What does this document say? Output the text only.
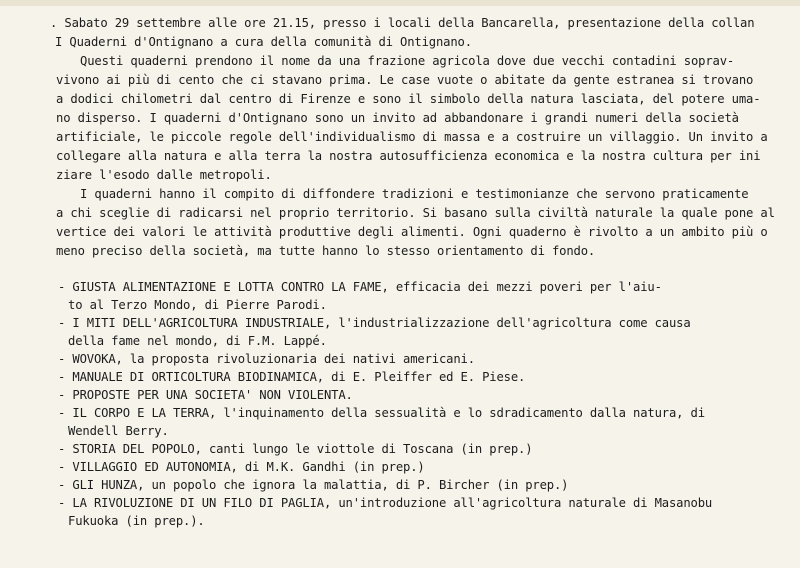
. Sabato 29 settembre alle ore 21.15, presso i locali della Bancarella, presentazione della collan
I Quaderni d'Ontignano a cura della comunità di Ontignano.
Questi quaderni prendono il nome da una frazione agricola dove due vecchi contadini soprav-
vivono ai più di cento che ci stavano prima. Le case vuote o abitate da gente estranea si trovano
a dodici chilometri dal centro di Firenze e sono il simbolo della natura lasciata, del potere uma-
no disperso. I quaderni d'Ontignano sono un invito ad abbandonare i grandi numeri della società
artificiale, le piccole regole dell'individualismo di massa e a costruire un villaggio. Un invito a
collegare alla natura e alla terra la nostra autosufficienza economica e la nostra cultura per ini
ziare l'esodo dalle metropoli.
I quaderni hanno il compito di diffondere tradizioni e testimonianze che servono praticamente
a chi sceglie di radicarsi nel proprio territorio. Si basano sulla civiltà naturale la quale pone al
vertice dei valori le attività produttive degli alimenti. Ogni quaderno è rivolto a un ambito più o
meno preciso della società, ma tutte hanno lo stesso orientamento di fondo.
- GIUSTA ALIMENTAZIONE E LOTTA CONTRO LA FAME, efficacia dei mezzi poveri per l'aiu-
to al Terzo Mondo, di Pierre Parodi.
- I MITI DELL'AGRICOLTURA INDUSTRIALE, l'industrializzazione dell'agricoltura come causa
della fame nel mondo, di F.M. Lappé.
- WOVOKA, la proposta rivoluzionaria dei nativi americani.
- MANUALE DI ORTICOLTURA BIODINAMICA, di E. Pleiffer ed E. Piese.
- PROPOSTE PER UNA SOCIETA' NON VIOLENTA.
- IL CORPO E LA TERRA, l'inquinamento della sessualità e lo sdradicamento dalla natura, di
Wendell Berry.
- STORIA DEL POPOLO, canti lungo le viottole di Toscana (in prep.)
- VILLAGGIO ED AUTONOMIA, di M.K. Gandhi (in prep.)
- GLI HUNZA, un popolo che ignora la malattia, di P. Bircher (in prep.)
- LA RIVOLUZIONE DI UN FILO DI PAGLIA, un'introduzione all'agricoltura naturale di Masanobu
Fukuoka (in prep.).
